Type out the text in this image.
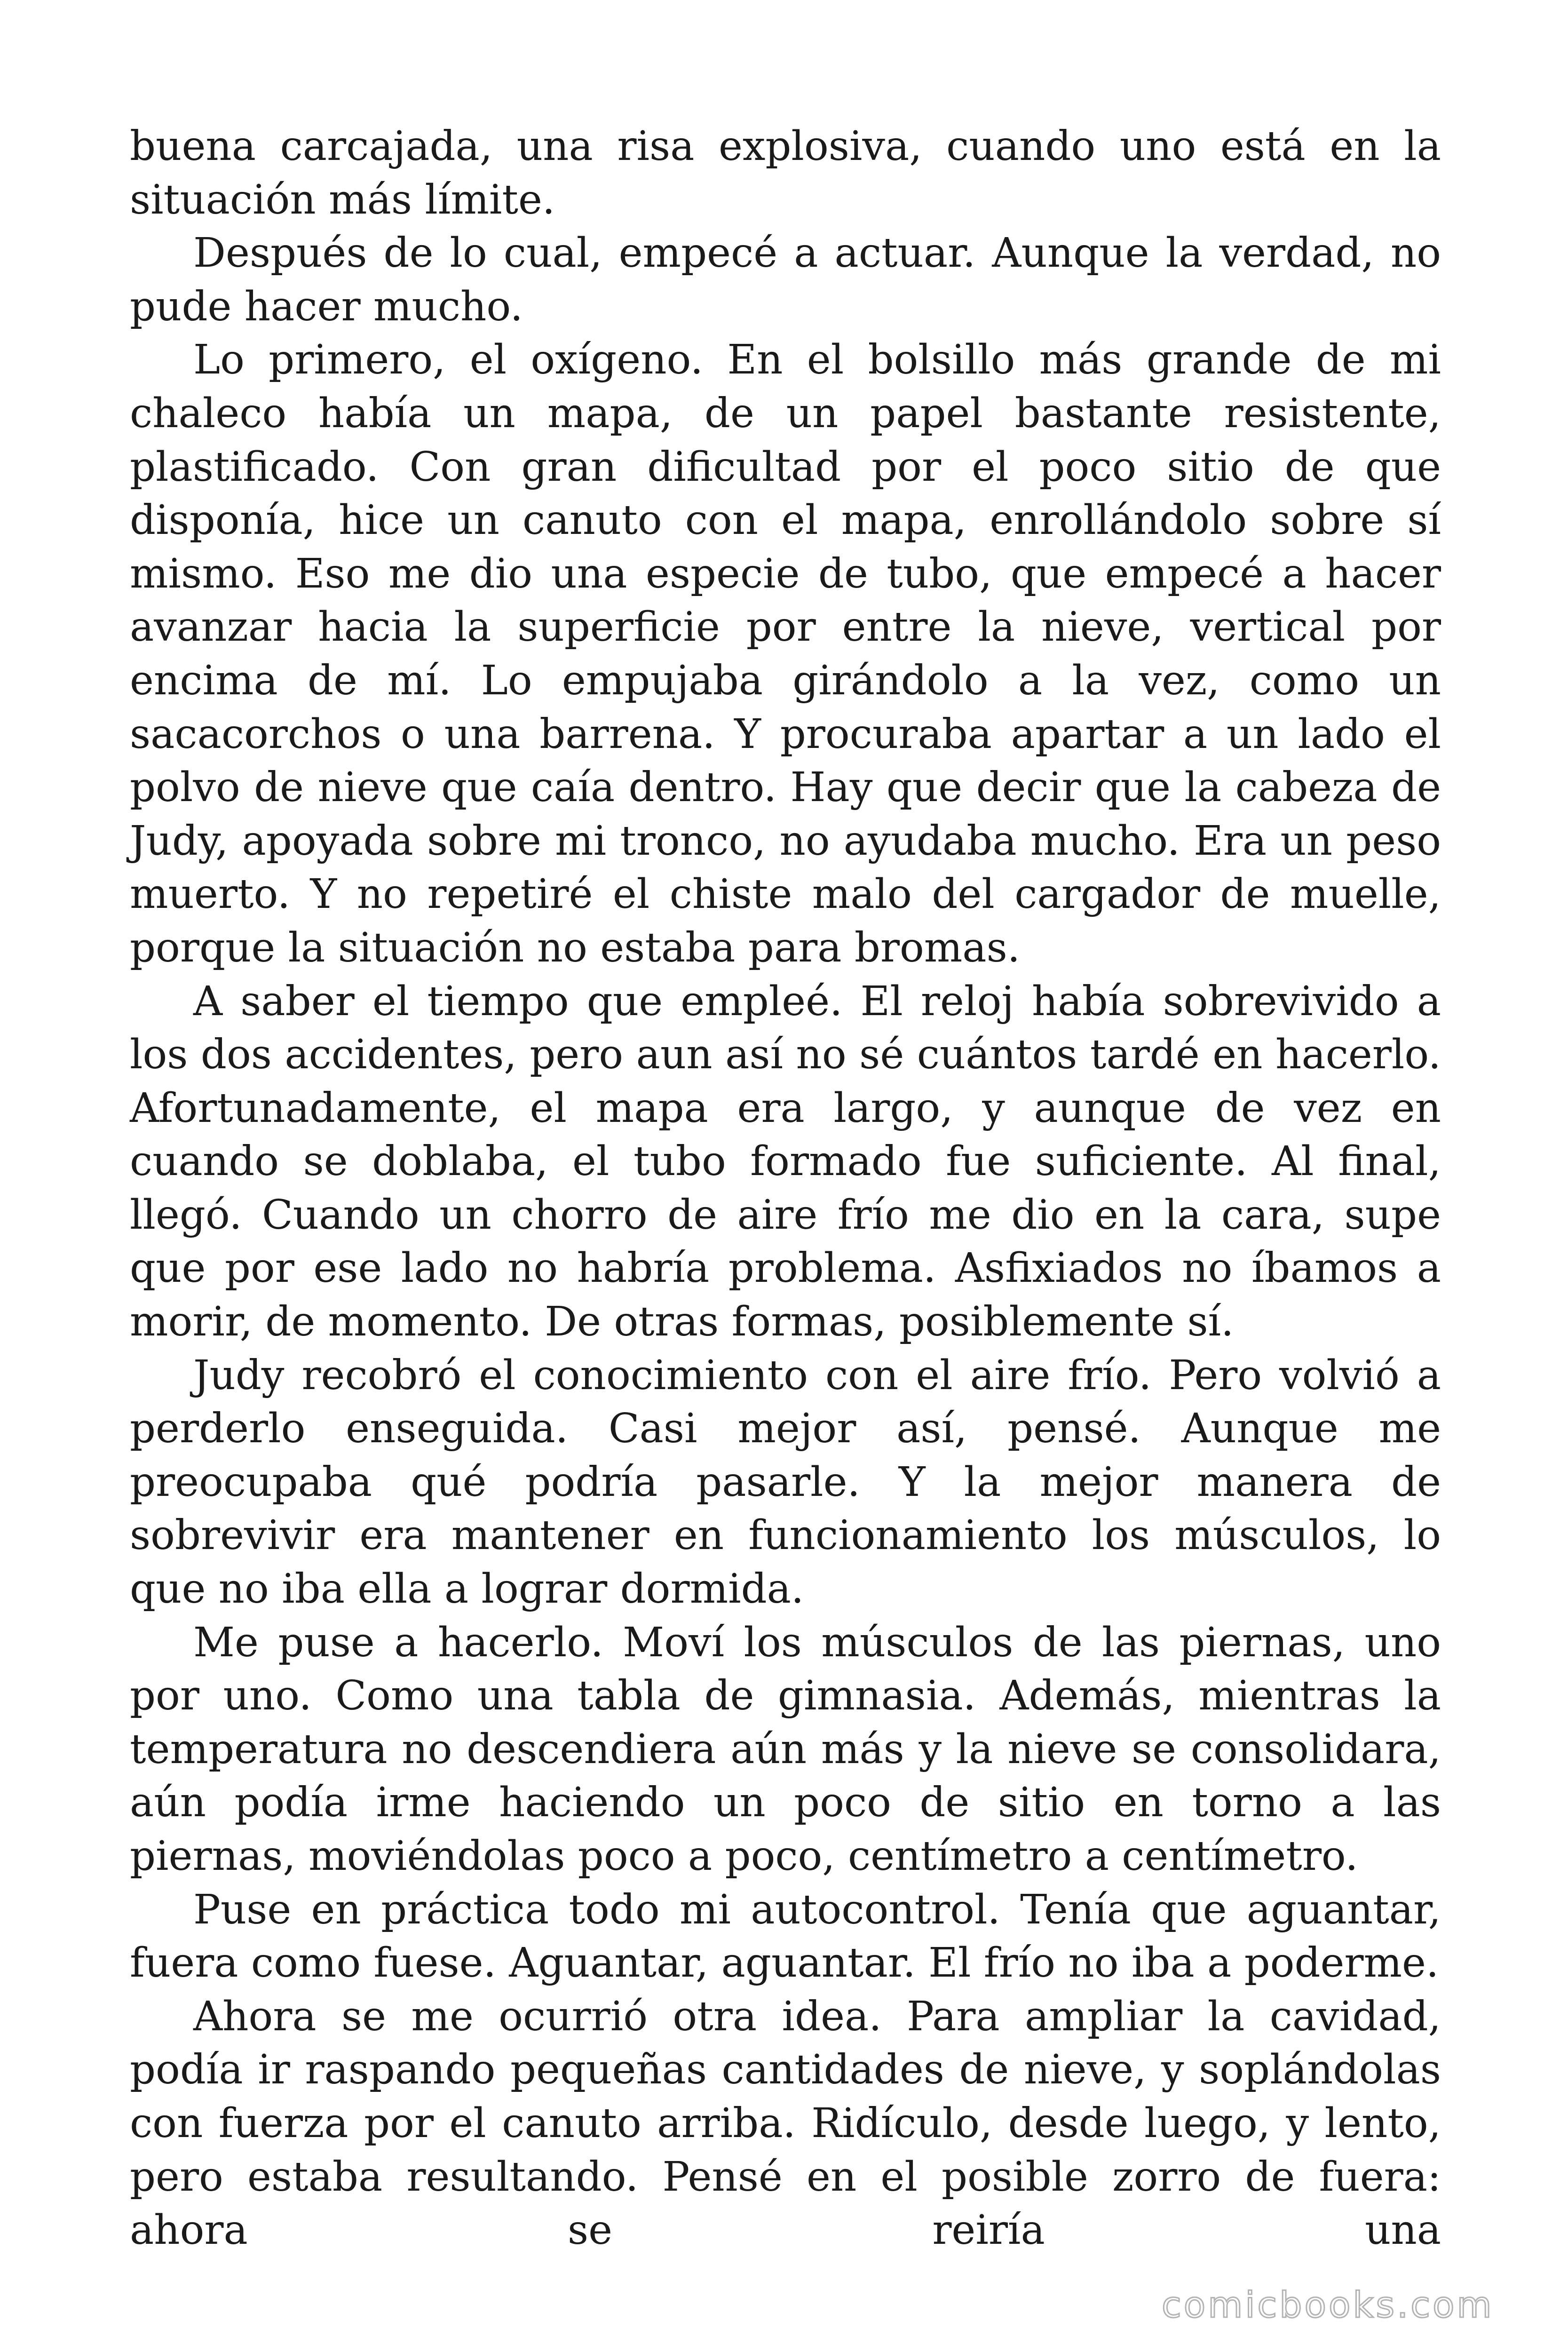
buena carcajada, una risa explosiva, cuando uno está en la situación más límite.

Después de lo cual, empecé a actuar. Aunque la verdad, no pude hacer mucho.

Lo primero, el oxígeno. En el bolsillo más grande de mi chaleco había un mapa, de un papel bastante resistente, plastificado. Con gran dificultad por el poco sitio de que disponía, hice un canuto con el mapa, enrollándolo sobre sí mismo. Eso me dio una especie de tubo, que empecé a hacer avanzar hacia la superficie por entre la nieve, vertical por encima de mí. Lo empujaba girándolo a la vez, como un sacacorchos o una barrena. Y procuraba apartar a un lado el polvo de nieve que caía dentro. Hay que decir que la cabeza de Judy, apoyada sobre mi tronco, no ayudaba mucho. Era un peso muerto. Y no repetiré el chiste malo del cargador de muelle, porque la situación no estaba para bromas.

A saber el tiempo que empleé. El reloj había sobrevivido a los dos accidentes, pero aun así no sé cuántos tardé en hacerlo. Afortunadamente, el mapa era largo, y aunque de vez en cuando se doblaba, el tubo formado fue suficiente. Al final, llegó. Cuando un chorro de aire frío me dio en la cara, supe que por ese lado no habría problema. Asfixiados no íbamos a morir, de momento. De otras formas, posiblemente sí.

Judy recobró el conocimiento con el aire frío. Pero volvió a perderlo enseguida. Casi mejor así, pensé. Aunque me preocupaba qué podría pasarle. Y la mejor manera de sobrevivir era mantener en funcionamiento los músculos, lo que no iba ella a lograr dormida.

Me puse a hacerlo. Moví los músculos de las piernas, uno por uno. Como una tabla de gimnasia. Además, mientras la temperatura no descendiera aún más y la nieve se consolidara, aún podía irme haciendo un poco de sitio en torno a las piernas, moviéndolas poco a poco, centímetro a centímetro.

Puse en práctica todo mi autocontrol. Tenía que aguantar, fuera como fuese. Aguantar, aguantar. El frío no iba a poderme.

Ahora se me ocurrió otra idea. Para ampliar la cavidad, podía ir raspando pequeñas cantidades de nieve, y soplándolas con fuerza por el canuto arriba. Ridículo, desde luego, y lento, pero estaba resultando. Pensé en el posible zorro de fuera: ahora se reiría una

comicbooks.com
